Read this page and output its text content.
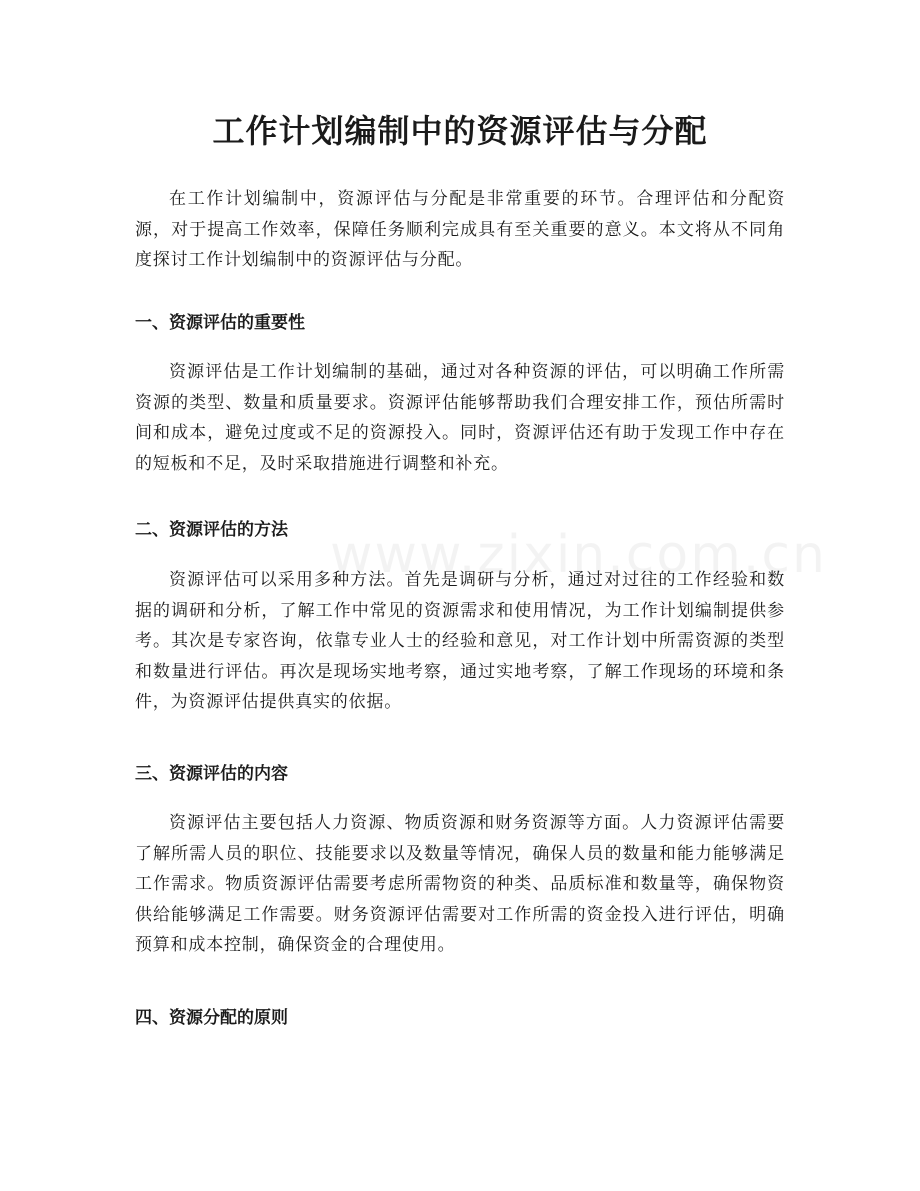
工作计划编制中的资源评估与分配

在工作计划编制中，资源评估与分配是非常重要的环节。合理评估和分配资源，对于提高工作效率，保障任务顺利完成具有至关重要的意义。本文将从不同角度探讨工作计划编制中的资源评估与分配。

一、资源评估的重要性

资源评估是工作计划编制的基础，通过对各种资源的评估，可以明确工作所需资源的类型、数量和质量要求。资源评估能够帮助我们合理安排工作，预估所需时间和成本，避免过度或不足的资源投入。同时，资源评估还有助于发现工作中存在的短板和不足，及时采取措施进行调整和补充。

二、资源评估的方法

资源评估可以采用多种方法。首先是调研与分析，通过对过往的工作经验和数据的调研和分析，了解工作中常见的资源需求和使用情况，为工作计划编制提供参考。其次是专家咨询，依靠专业人士的经验和意见，对工作计划中所需资源的类型和数量进行评估。再次是现场实地考察，通过实地考察，了解工作现场的环境和条件，为资源评估提供真实的依据。

三、资源评估的内容

资源评估主要包括人力资源、物质资源和财务资源等方面。人力资源评估需要了解所需人员的职位、技能要求以及数量等情况，确保人员的数量和能力能够满足工作需求。物质资源评估需要考虑所需物资的种类、品质标准和数量等，确保物资供给能够满足工作需要。财务资源评估需要对工作所需的资金投入进行评估，明确预算和成本控制，确保资金的合理使用。

四、资源分配的原则
